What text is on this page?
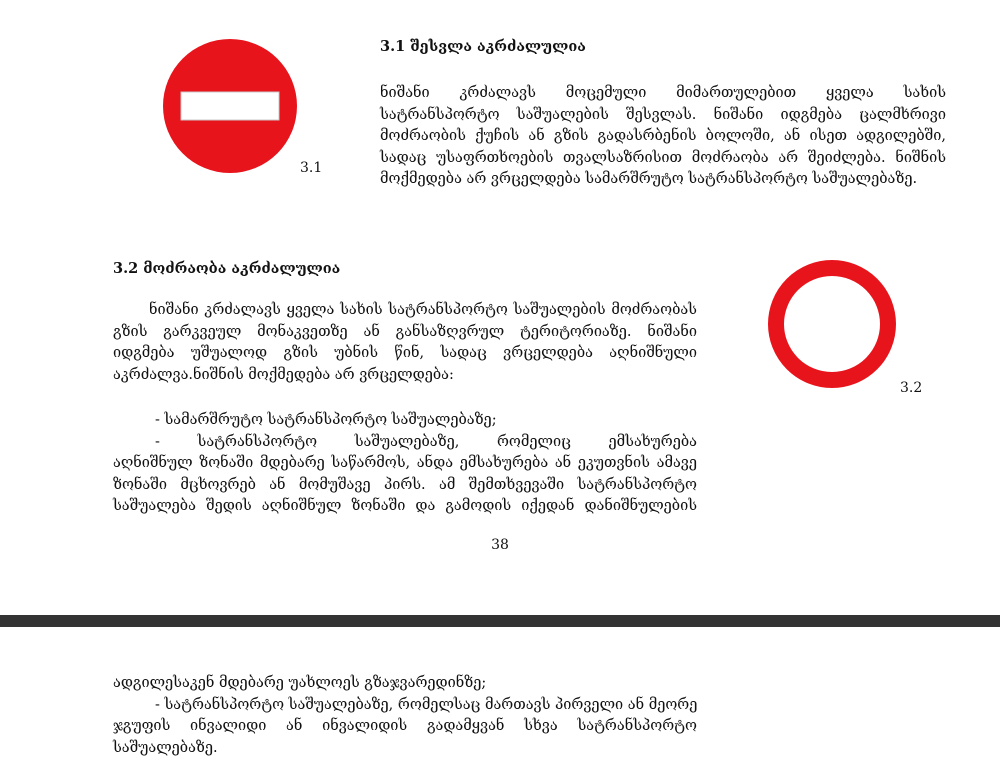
3.1
3.1 შესვლა აკრძალულია
ნიშანი კრძალავს მოცემული მიმართულებით ყველა სახის
სატრანსპორტო საშუალების შესვლას. ნიშანი იდგმება ცალმხრივი
მოძრაობის ქუჩის ან გზის გადასრბენის ბოლოში, ან ისეთ ადგილებში,
სადაც უსაფრთხოების თვალსაზრისით მოძრაობა არ შეიძლება. ნიშნის
მოქმედება არ ვრცელდება სამარშრუტო სატრანსპორტო საშუალებაზე.
3.2 მოძრაობა აკრძალულია
3.2
ნიშანი კრძალავს ყველა სახის სატრანსპორტო საშუალების მოძრაობას
გზის გარკვეულ მონაკვეთზე ან განსაზღვრულ ტერიტორიაზე. ნიშანი
იდგმება უშუალოდ გზის უბნის წინ, სადაც ვრცელდება აღნიშნული
აკრძალვა.ნიშნის მოქმედება არ ვრცელდება:
- სამარშრუტო სატრანსპორტო საშუალებაზე;
- სატრანსპორტო საშუალებაზე, რომელიც ემსახურება
აღნიშნულ ზონაში მდებარე საწარმოს, ანდა ემსახურება ან ეკუთვნის ამავე
ზონაში მცხოვრებ ან მომუშავე პირს. ამ შემთხვევაში სატრანსპორტო
საშუალება შედის აღნიშნულ ზონაში და გამოდის იქედან დანიშნულების
38
ადგილესაკენ მდებარე უახლოეს გზაჯვარედინზე;
- სატრანსპორტო საშუალებაზე, რომელსაც მართავს პირველი ან მეორე
ჯგუფის ინვალიდი ან ინვალიდის გადამყვან სხვა სატრანსპორტო
საშუალებაზე.
